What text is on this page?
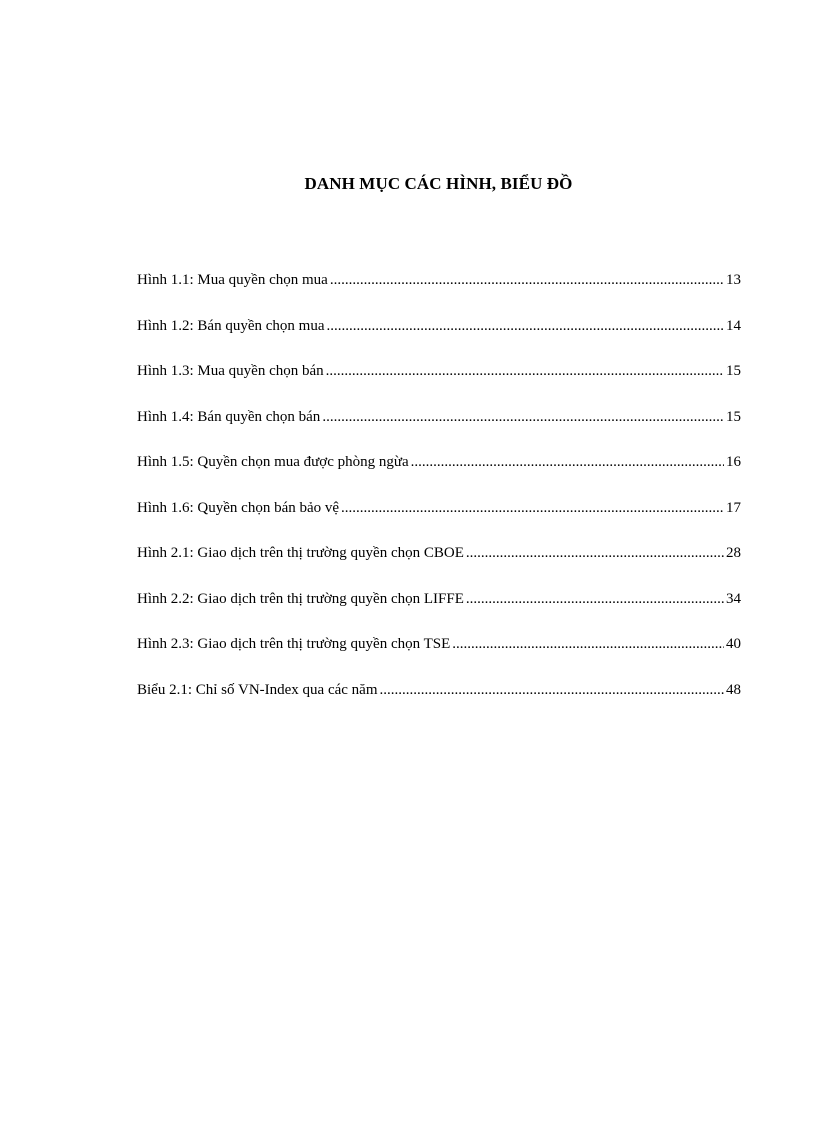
DANH MỤC CÁC HÌNH, BIỂU ĐỒ
Hình 1.1: Mua quyền chọn mua .....	13
Hình 1.2: Bán quyền chọn mua .....	14
Hình 1.3: Mua quyền chọn bán .....	15
Hình 1.4: Bán quyền chọn bán .....	15
Hình 1.5: Quyền chọn mua được phòng ngừa .....	16
Hình 1.6: Quyền chọn bán bảo vệ .....	17
Hình 2.1: Giao dịch trên thị trường quyền chọn CBOE .....	28
Hình 2.2: Giao dịch trên thị trường quyền chọn LIFFE .....	34
Hình 2.3: Giao dịch trên thị trường quyền chọn TSE .....	40
Biểu 2.1: Chỉ số VN-Index qua các năm .....	48
